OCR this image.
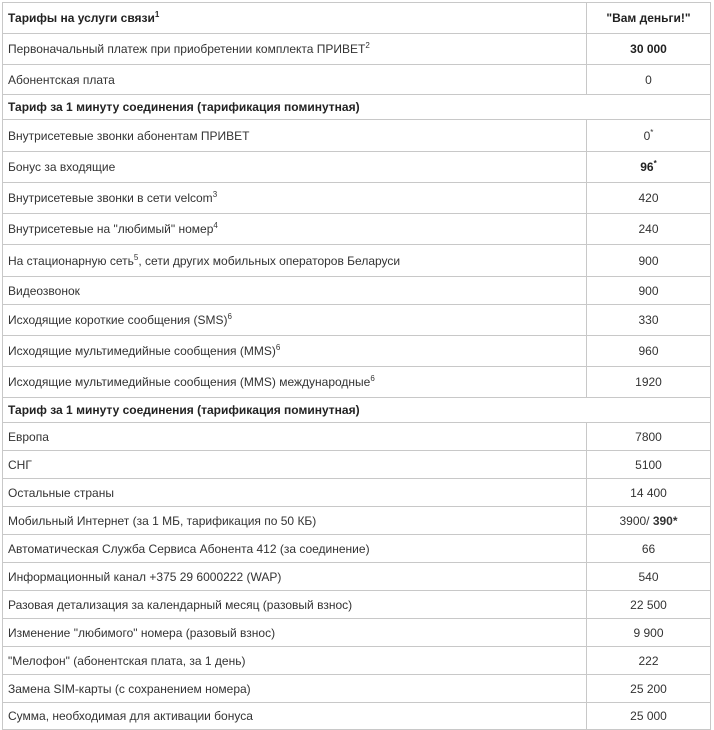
Тарифы на услуги связи$^1$	"Вам деньги!"
Первоначальный платеж при приобретении комплекта ПРИВЕТ$^2$	30 000
Абонентская плата	0
Тариф за 1 минуту соединения (тарификация поминутная)	
Внутрисетевые звонки абонентам ПРИВЕТ	0*
Бонус за входящие	96*
Внутрисетевые звонки в сети velcom$^3$	420
Внутрисетевые на "любимый" номер$^4$	240
На стационарную сеть$^5$, сети других мобильных операторов Беларуси	900
Видеозвонок	900
Исходящие короткие сообщения (SMS)$^6$	330
Исходящие мультимедийные сообщения (MMS)$^6$	960
Исходящие мультимедийные сообщения (MMS) международные$^6$	1920
Тариф за 1 минуту соединения (тарификация поминутная)	
Европа	7800
СНГ	5100
Остальные страны	14 400
Мобильный Интернет (за 1 МБ, тарификация по 50 КБ)	3900/ 390*
Автоматическая Служба Сервиса Абонента 412 (за соединение)	66
Информационный канал +375 29 6000222 (WAP)	540
Разовая детализация за календарный месяц (разовый взнос)	22 500
Изменение "любимого" номера (разовый взнос)	9 900
"Мелофон" (абонентская плата, за 1 день)	222
Замена SIM-карты (с сохранением номера)	25 200
Сумма, необходимая для активации бонуса	25 000
